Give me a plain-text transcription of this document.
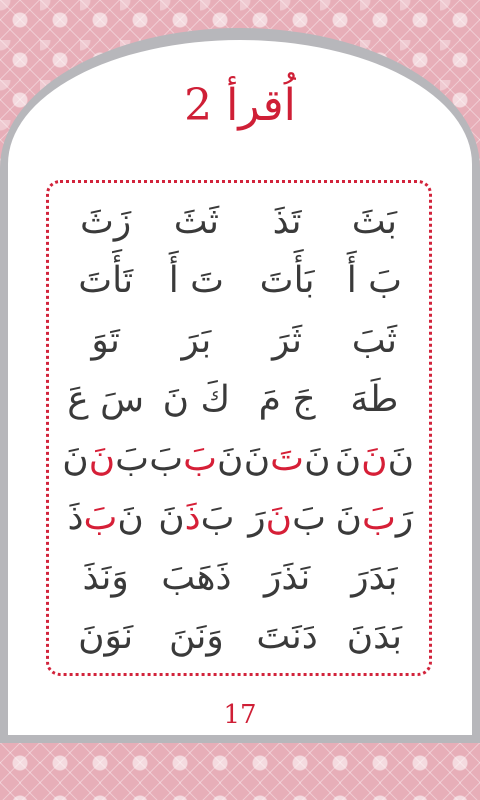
اُقرأ 2
بَثَ
تَذَ
ثَثَ
زَثَ
بَ أَ
بَأَتَ
تَ أَ
تَأَتَ
ثَبَ
ثَرَ
بَرَ
تَوَ
طَهَ
جَ مَ
كَ نَ
سَ عَ
نَ
نَ
نَ
نَ
تَ
نَ
نَ
بَ
بَ
بَ
نَ
نَ
رَ
بَ
نَ
بَ
نَ
رَ
بَ
ذَ
نَ
نَ
بَ
ذَ
بَدَرَ
نَذَرَ
ذَهَبَ
وَنَذَ
بَدَنَ
دَنَتَ
وَنَنَ
نَوَنَ
17
